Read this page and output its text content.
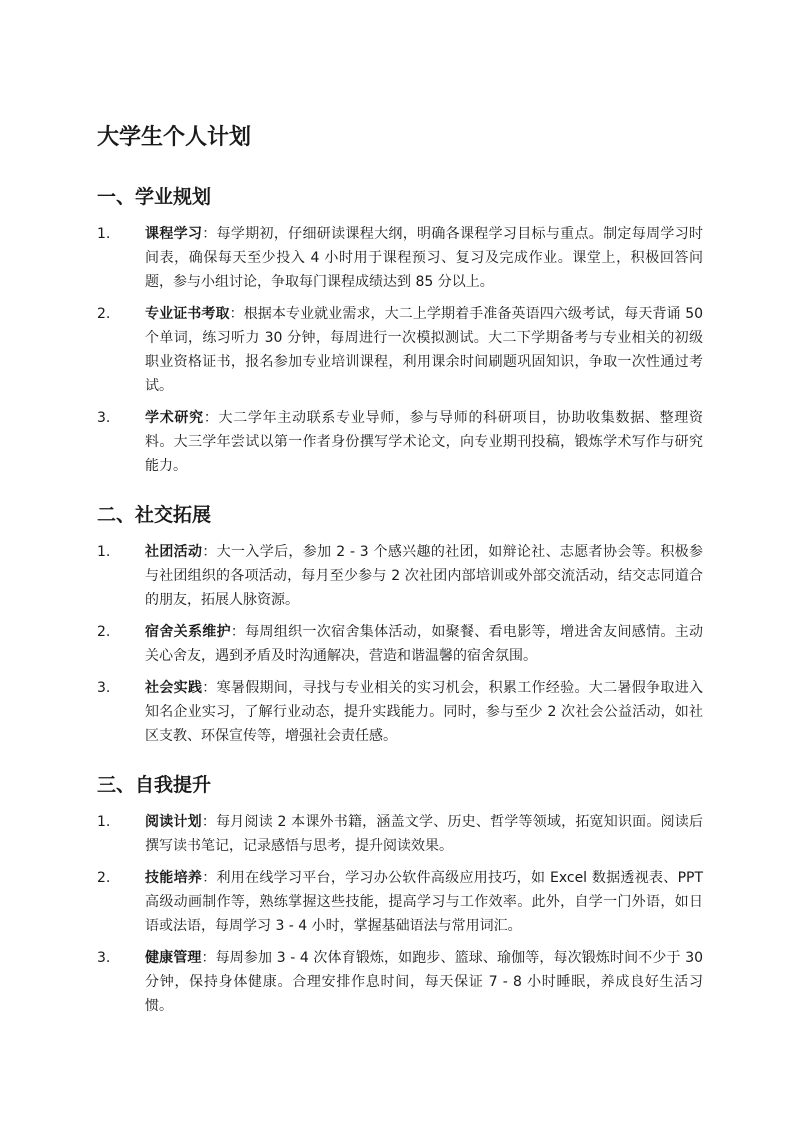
大学生个人计划
一、学业规划
1.	课程学习：每学期初，仔细研读课程大纲，明确各课程学习目标与重点。制定每周学习时间表，确保每天至少投入 4 小时用于课程预习、复习及完成作业。课堂上，积极回答问题，参与小组讨论，争取每门课程成绩达到 85 分以上。
2.	专业证书考取：根据本专业就业需求，大二上学期着手准备英语四六级考试，每天背诵 50 个单词，练习听力 30 分钟，每周进行一次模拟测试。大二下学期备考与专业相关的初级职业资格证书，报名参加专业培训课程，利用课余时间刷题巩固知识，争取一次性通过考试。
3.	学术研究：大二学年主动联系专业导师，参与导师的科研项目，协助收集数据、整理资料。大三学年尝试以第一作者身份撰写学术论文，向专业期刊投稿，锻炼学术写作与研究能力。
二、社交拓展
1.	社团活动：大一入学后，参加 2 - 3 个感兴趣的社团，如辩论社、志愿者协会等。积极参与社团组织的各项活动，每月至少参与 2 次社团内部培训或外部交流活动，结交志同道合的朋友，拓展人脉资源。
2.	宿舍关系维护：每周组织一次宿舍集体活动，如聚餐、看电影等，增进舍友间感情。主动关心舍友，遇到矛盾及时沟通解决，营造和谐温馨的宿舍氛围。
3.	社会实践：寒暑假期间，寻找与专业相关的实习机会，积累工作经验。大二暑假争取进入知名企业实习，了解行业动态，提升实践能力。同时，参与至少 2 次社会公益活动，如社区支教、环保宣传等，增强社会责任感。
三、自我提升
1.	阅读计划：每月阅读 2 本课外书籍，涵盖文学、历史、哲学等领域，拓宽知识面。阅读后撰写读书笔记，记录感悟与思考，提升阅读效果。
2.	技能培养：利用在线学习平台，学习办公软件高级应用技巧，如 Excel 数据透视表、PPT 高级动画制作等，熟练掌握这些技能，提高学习与工作效率。此外，自学一门外语，如日语或法语，每周学习 3 - 4 小时，掌握基础语法与常用词汇。
3.	健康管理：每周参加 3 - 4 次体育锻炼，如跑步、篮球、瑜伽等，每次锻炼时间不少于 30 分钟，保持身体健康。合理安排作息时间，每天保证 7 - 8 小时睡眠，养成良好生活习惯。
